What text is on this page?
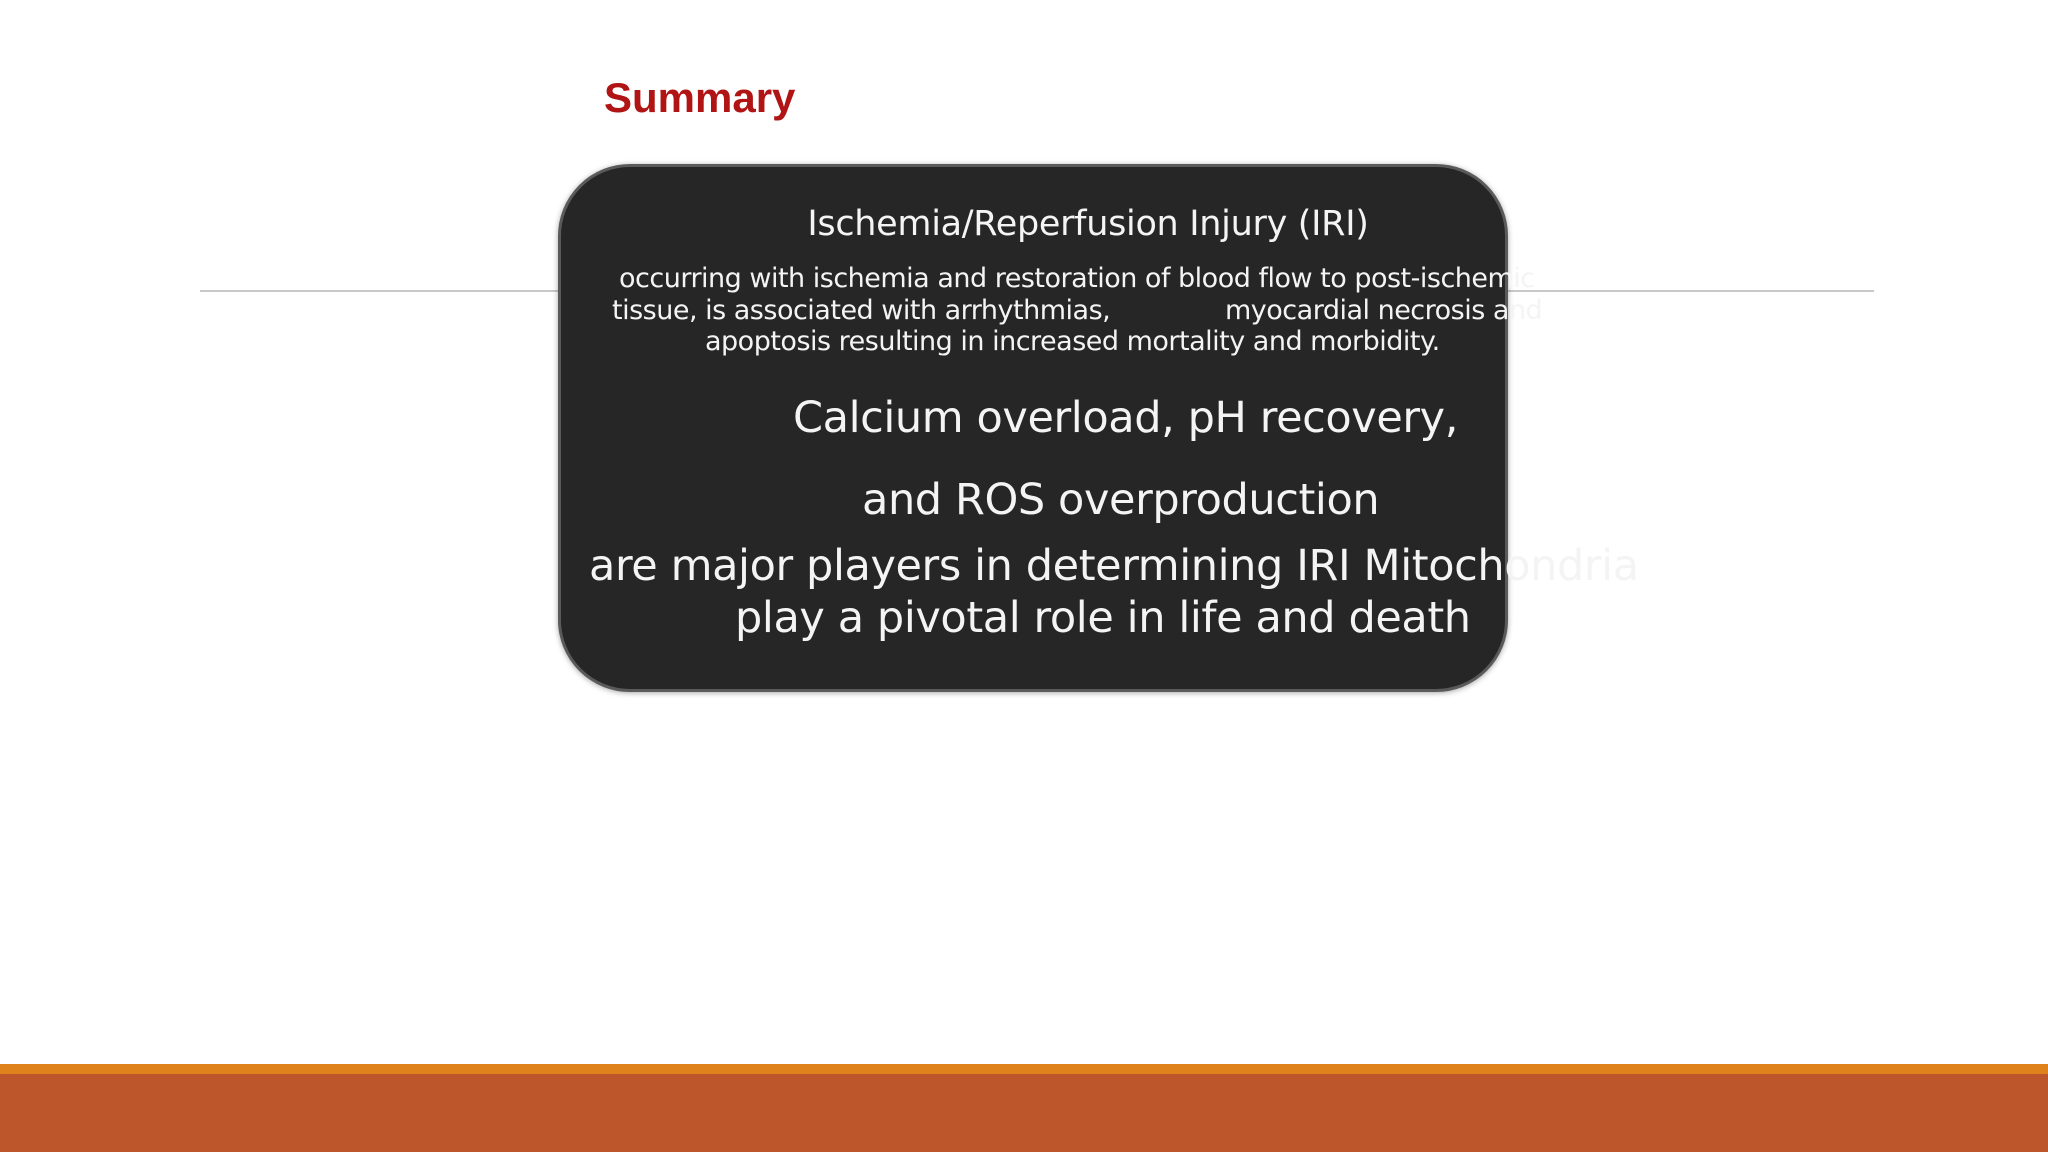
Summary
Ischemia/Reperfusion Injury (IRI)
occurring with ischemia and restoration of blood flow to post-ischemic
tissue, is associated with arrhythmias,	myocardial necrosis and
apoptosis resulting in increased mortality and morbidity.
Calcium overload, pH recovery,
and ROS overproduction
are major players in determining IRI Mitochondria
play a pivotal role in life and death
